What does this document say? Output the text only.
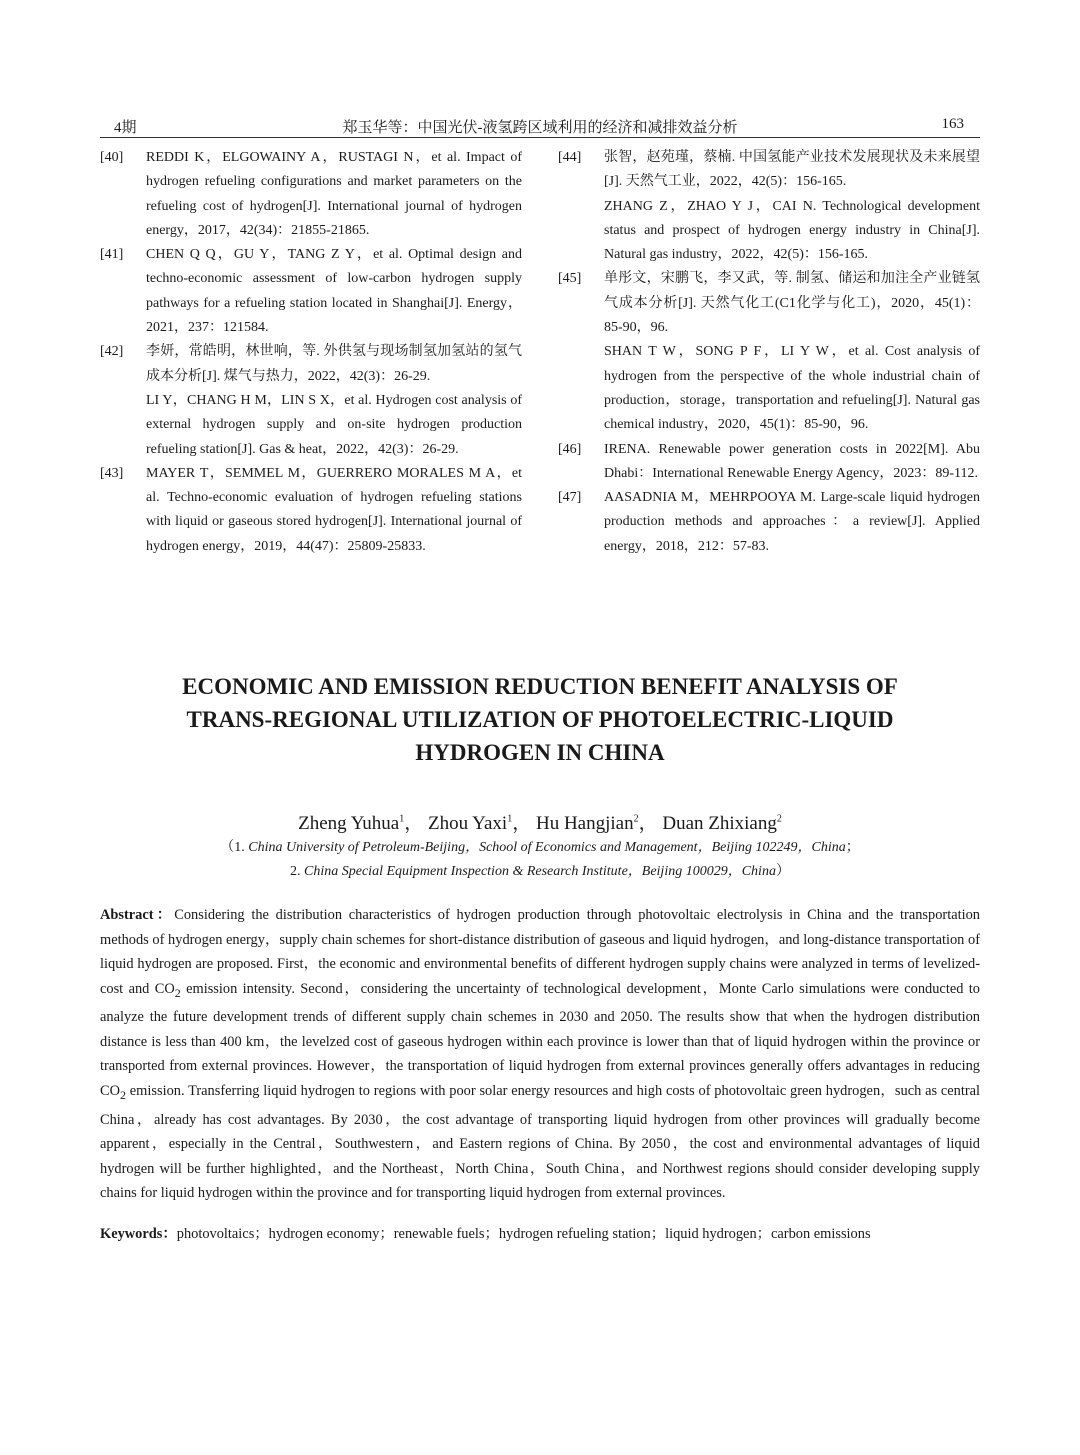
4期	郑玉华等：中国光伏-液氢跨区域利用的经济和减排效益分析	163
[40] REDDI K，ELGOWAINY A，RUSTAGI N，et al. Impact of hydrogen refueling configurations and market parameters on the refueling cost of hydrogen[J]. International journal of hydrogen energy，2017，42(34)：21855-21865.

[41] CHEN Q Q，GU Y，TANG Z Y，et al. Optimal design and techno-economic assessment of low-carbon hydrogen supply pathways for a refueling station located in Shanghai[J]. Energy，2021，237：121584.

[42] 李妍，常皓明，林世响，等. 外供氢与现场制氢加氢站的氢气成本分析[J]. 煤气与热力，2022，42(3)：26-29.

LI Y，CHANG H M，LIN S X，et al. Hydrogen cost analysis of external hydrogen supply and on-site hydrogen production refueling station[J]. Gas & heat，2022，42(3)：26-29.

[43] MAYER T，SEMMEL M，GUERRERO MORALES M A，et al. Techno-economic evaluation of hydrogen refueling stations with liquid or gaseous stored hydrogen[J]. International journal of hydrogen energy，2019，44(47)：25809-25833.

[44] 张智，赵苑瑾，蔡楠. 中国氢能产业技术发展现状及未来展望[J]. 天然气工业，2022，42(5)：156-165.

ZHANG Z，ZHAO Y J，CAI N. Technological development status and prospect of hydrogen energy industry in China[J]. Natural gas industry，2022，42(5)：156-165.

[45] 单彤文，宋鹏飞，李又武，等. 制氢、储运和加注全产业链氢气成本分析[J]. 天然气化工(C1化学与化工)，2020，45(1)：85-90，96.

SHAN T W，SONG P F，LI Y W，et al. Cost analysis of hydrogen from the perspective of the whole industrial chain of production，storage，transportation and refueling[J]. Natural gas chemical industry，2020，45(1)：85-90，96.

[46] IRENA. Renewable power generation costs in 2022[M]. Abu Dhabi：International Renewable Energy Agency，2023：89-112.

[47] AASADNIA M，MEHRPOOYA M. Large-scale liquid hydrogen production methods and approaches：a review[J]. Applied energy，2018，212：57-83.

ECONOMIC AND EMISSION REDUCTION BENEFIT ANALYSIS OF
TRANS-REGIONAL UTILIZATION OF PHOTOELECTRIC-LIQUID
HYDROGEN IN CHINA
Zheng Yuhua$^1$， Zhou Yaxi$^1$， Hu Hangjian$^2$， Duan Zhixiang$^2$
（1. China University of Petroleum-Beijing，School of Economics and Management，Beijing 102249，China；
2. China Special Equipment Inspection & Research Institute，Beijing 100029，China）

Abstract：Considering the distribution characteristics of hydrogen production through photovoltaic electrolysis in China and the transportation methods of hydrogen energy，supply chain schemes for short-distance distribution of gaseous and liquid hydrogen，and long-distance transportation of liquid hydrogen are proposed. First，the economic and environmental benefits of different hydrogen supply chains were analyzed in terms of levelized-cost and $CO_2$ emission intensity. Second，considering the uncertainty of technological development，Monte Carlo simulations were conducted to analyze the future development trends of different supply chain schemes in 2030 and 2050. The results show that when the hydrogen distribution distance is less than 400 km，the levelzed cost of gaseous hydrogen within each province is lower than that of liquid hydrogen within the province or transported from external provinces. However，the transportation of liquid hydrogen from external provinces generally offers advantages in reducing $CO_2$ emission. Transferring liquid hydrogen to regions with poor solar energy resources and high costs of photovoltaic green hydrogen，such as central China，already has cost advantages. By 2030，the cost advantage of transporting liquid hydrogen from other provinces will gradually become apparent，especially in the Central，Southwestern，and Eastern regions of China. By 2050，the cost and environmental advantages of liquid hydrogen will be further highlighted，and the Northeast，North China，South China，and Northwest regions should consider developing supply chains for liquid hydrogen within the province and for transporting liquid hydrogen from external provinces.

Keywords：photovoltaics；hydrogen economy；renewable fuels；hydrogen refueling station；liquid hydrogen；carbon emissions
